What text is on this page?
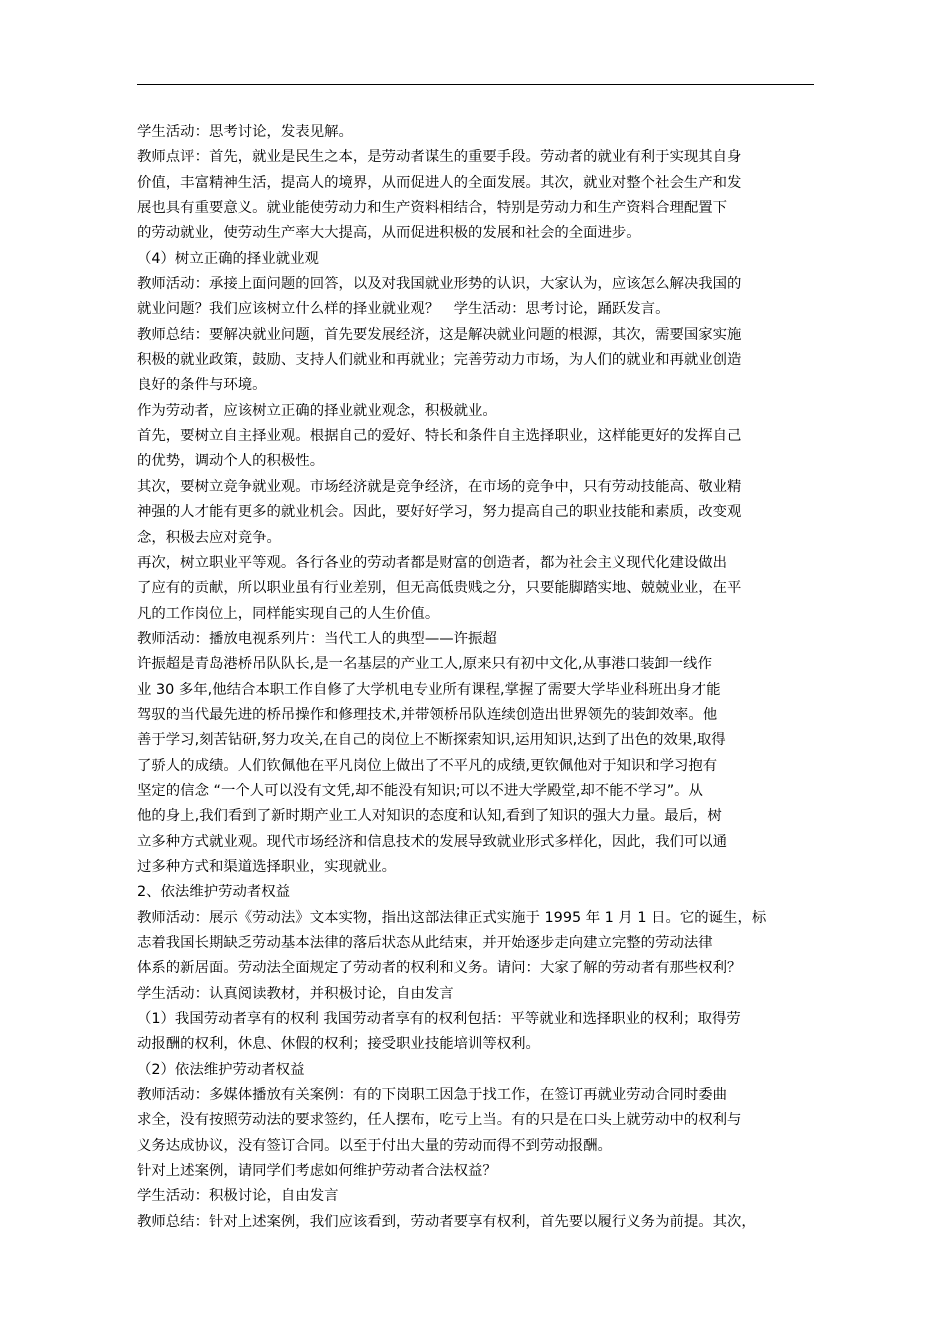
学生活动：思考讨论，发表见解。

教师点评：首先，就业是民生之本，是劳动者谋生的重要手段。劳动者的就业有利于实现其自身

价值，丰富精神生活，提高人的境界，从而促进人的全面发展。其次，就业对整个社会生产和发

展也具有重要意义。就业能使劳动力和生产资料相结合，特别是劳动力和生产资料合理配置下

的劳动就业，使劳动生产率大大提高，从而促进积极的发展和社会的全面进步。

（4）树立正确的择业就业观

教师活动：承接上面问题的回答，以及对我国就业形势的认识，大家认为，应该怎么解决我国的

就业问题？我们应该树立什么样的择业就业观？　学生活动：思考讨论，踊跃发言。

教师总结：要解决就业问题，首先要发展经济，这是解决就业问题的根源，其次，需要国家实施

积极的就业政策，鼓励、支持人们就业和再就业；完善劳动力市场，为人们的就业和再就业创造

良好的条件与环境。

作为劳动者，应该树立正确的择业就业观念，积极就业。

首先，要树立自主择业观。根据自己的爱好、特长和条件自主选择职业，这样能更好的发挥自己

的优势，调动个人的积极性。

其次，要树立竞争就业观。市场经济就是竞争经济，在市场的竞争中，只有劳动技能高、敬业精

神强的人才能有更多的就业机会。因此，要好好学习，努力提高自己的职业技能和素质，改变观

念，积极去应对竞争。

再次，树立职业平等观。各行各业的劳动者都是财富的创造者，都为社会主义现代化建设做出

了应有的贡献，所以职业虽有行业差别，但无高低贵贱之分，只要能脚踏实地、兢兢业业，在平

凡的工作岗位上，同样能实现自己的人生价值。

教师活动：播放电视系列片：当代工人的典型——许振超

许振超是青岛港桥吊队队长,是一名基层的产业工人,原来只有初中文化,从事港口装卸一线作

业 30 多年,他结合本职工作自修了大学机电专业所有课程,掌握了需要大学毕业科班出身才能

驾驭的当代最先进的桥吊操作和修理技术,并带领桥吊队连续创造出世界领先的装卸效率。他

善于学习,刻苦钻研,努力攻关,在自己的岗位上不断探索知识,运用知识,达到了出色的效果,取得

了骄人的成绩。人们钦佩他在平凡岗位上做出了不平凡的成绩,更钦佩他对于知识和学习抱有

坚定的信念 “一个人可以没有文凭,却不能没有知识;可以不进大学殿堂,却不能不学习”。从

他的身上,我们看到了新时期产业工人对知识的态度和认知,看到了知识的强大力量。最后，树

立多种方式就业观。现代市场经济和信息技术的发展导致就业形式多样化，因此，我们可以通

过多种方式和渠道选择职业，实现就业。

2、依法维护劳动者权益

教师活动：展示《劳动法》文本实物，指出这部法律正式实施于 1995 年 1 月 1 日。它的诞生，标

志着我国长期缺乏劳动基本法律的落后状态从此结束，并开始逐步走向建立完整的劳动法律

体系的新居面。劳动法全面规定了劳动者的权利和义务。请问：大家了解的劳动者有那些权利？

学生活动：认真阅读教材，并积极讨论，自由发言

（1）我国劳动者享有的权利 我国劳动者享有的权利包括：平等就业和选择职业的权利；取得劳

动报酬的权利，休息、休假的权利；接受职业技能培训等权利。

（2）依法维护劳动者权益

教师活动：多媒体播放有关案例：有的下岗职工因急于找工作，在签订再就业劳动合同时委曲

求全，没有按照劳动法的要求签约，任人摆布，吃亏上当。有的只是在口头上就劳动中的权利与

义务达成协议，没有签订合同。以至于付出大量的劳动而得不到劳动报酬。

针对上述案例，请同学们考虑如何维护劳动者合法权益？

学生活动：积极讨论，自由发言

教师总结：针对上述案例，我们应该看到，劳动者要享有权利，首先要以履行义务为前提。其次，
